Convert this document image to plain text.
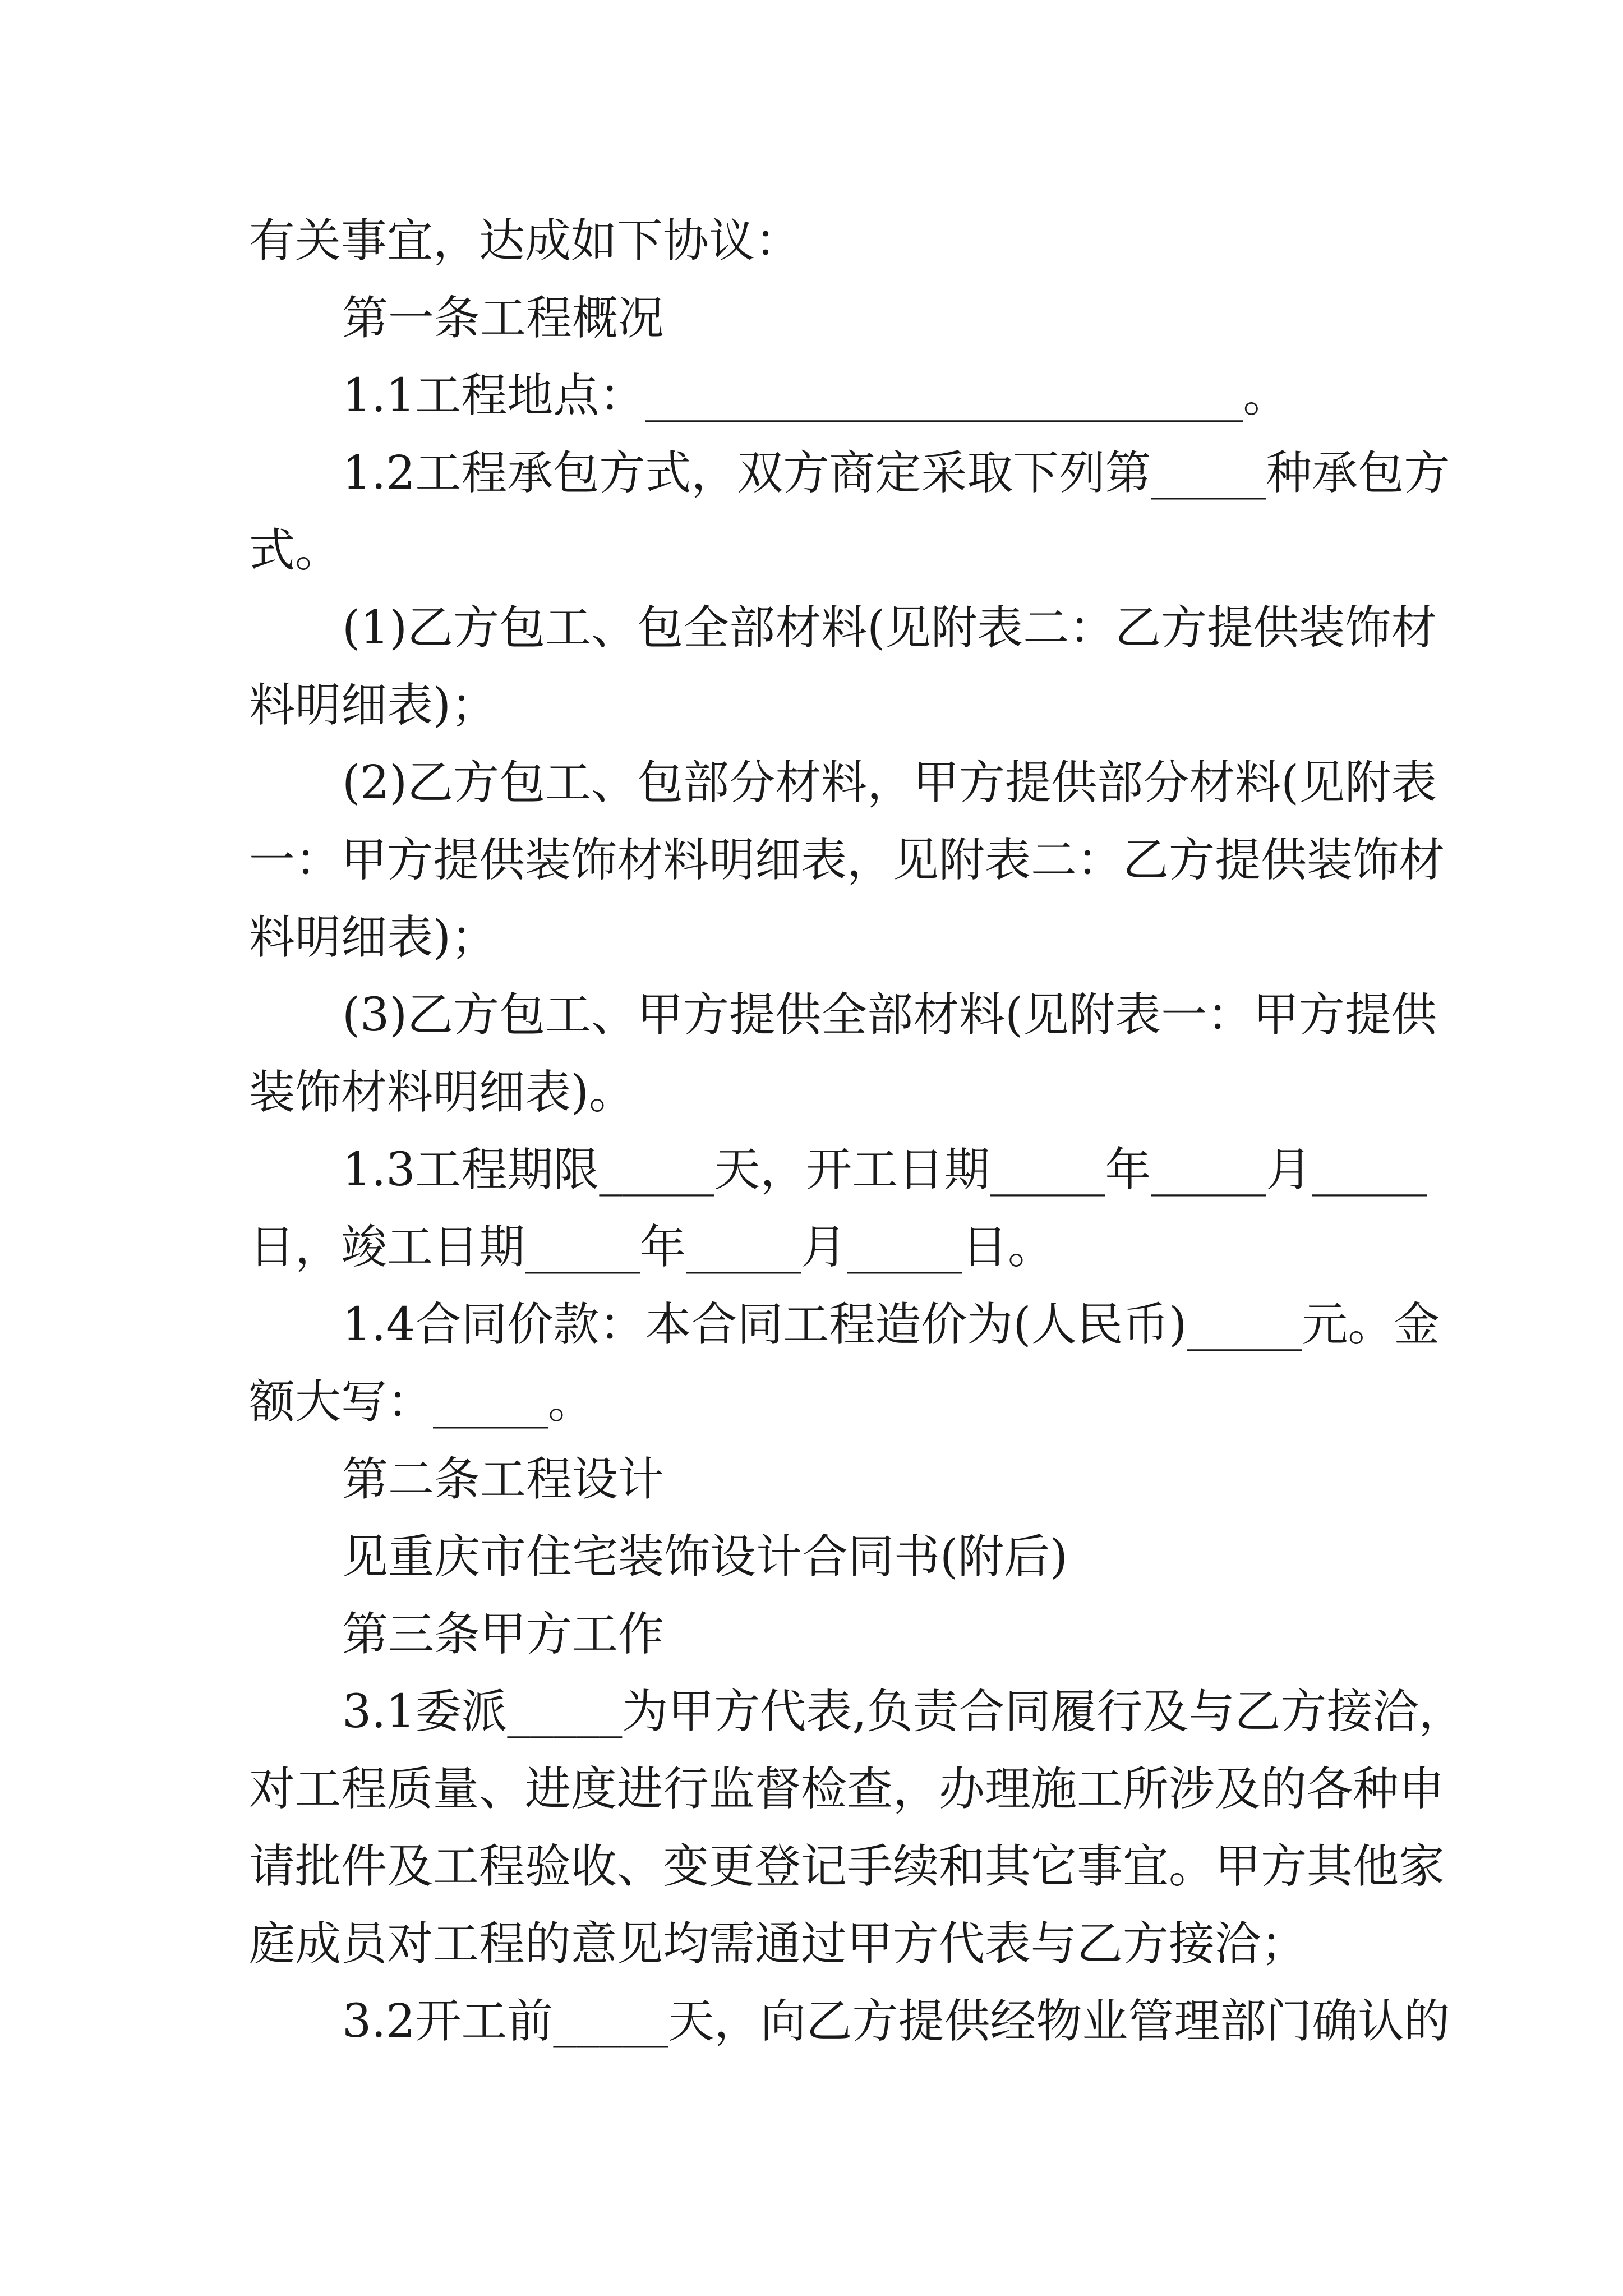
有关事宜，达成如下协议：
第一条工程概况
1.1工程地点：__________________________。
1.2工程承包方式，双方商定采取下列第_____种承包方
式。
(1)乙方包工、包全部材料(见附表二：乙方提供装饰材
料明细表)；
(2)乙方包工、包部分材料，甲方提供部分材料(见附表
一：甲方提供装饰材料明细表，见附表二：乙方提供装饰材
料明细表)；
(3)乙方包工、甲方提供全部材料(见附表一：甲方提供
装饰材料明细表)。
1.3工程期限_____天，开工日期_____年_____月_____
日，竣工日期_____年_____月_____日。
1.4合同价款：本合同工程造价为(人民币)_____元。金
额大写：_____。
第二条工程设计
见重庆市住宅装饰设计合同书(附后)
第三条甲方工作
3.1委派_____为甲方代表,负责合同履行及与乙方接洽，
对工程质量、进度进行监督检查，办理施工所涉及的各种申
请批件及工程验收、变更登记手续和其它事宜。甲方其他家
庭成员对工程的意见均需通过甲方代表与乙方接洽；
3.2开工前_____天，向乙方提供经物业管理部门确认的
